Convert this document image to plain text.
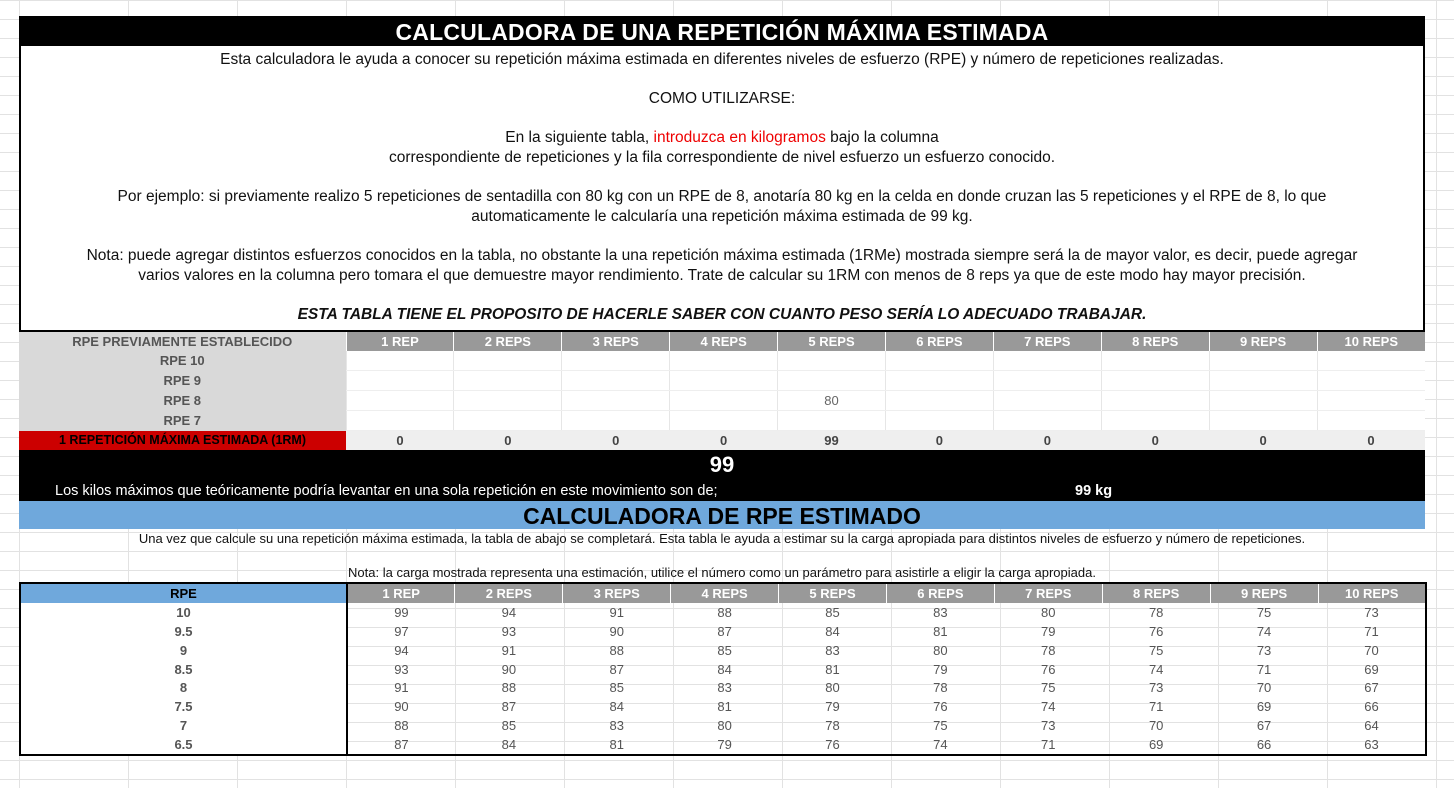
CALCULADORA DE UNA REPETICIÓN MÁXIMA ESTIMADA

Esta calculadora le ayuda a conocer su repetición máxima estimada en diferentes niveles de esfuerzo (RPE) y número de repeticiones realizadas.

COMO UTILIZARSE:

En la siguiente tabla, introduzca en kilogramos bajo la columna

correspondiente de repeticiones y la fila correspondiente de nivel esfuerzo un esfuerzo conocido.

Por ejemplo: si previamente realizo 5 repeticiones de sentadilla con 80 kg con un RPE de 8, anotaría 80 kg en la celda en donde cruzan las 5 repeticiones y el RPE de 8, lo que

automaticamente le calcularía una repetición máxima estimada de 99 kg.

Nota: puede agregar distintos esfuerzos conocidos en la tabla, no obstante la una repetición máxima estimada (1RMe) mostrada siempre será la de mayor valor, es decir, puede agregar

varios valores en la columna pero tomara el que demuestre mayor rendimiento. Trate de calcular su 1RM con menos de 8 reps ya que de este modo hay mayor precisión.

ESTA TABLA TIENE EL PROPOSITO DE HACERLE SABER CON CUANTO PESO SERÍA LO ADECUADO TRABAJAR.

RPE PREVIAMENTE ESTABLECIDO	1 REP	2 REPS	3 REPS	4 REPS	5 REPS	6 REPS	7 REPS	8 REPS	9 REPS	10 REPS
RPE 10										
RPE 9										
RPE 8					80					
RPE 7										
1 REPETICIÓN MÁXIMA ESTIMADA (1RM)	0	0	0	0	99	0	0	0	0	0
99
Los kilos máximos que teóricamente podría levantar en una sola repetición en este movimiento son de;	99 kg
CALCULADORA DE RPE ESTIMADO
Una vez que calcule su una repetición máxima estimada, la tabla de abajo se completará. Esta tabla le ayuda a estimar su la carga apropiada para distintos niveles de esfuerzo y número de repeticiones.
Nota: la carga mostrada representa una estimación, utilice el número como un parámetro para asistirle a eligir la carga apropiada.
RPE	1 REP	2 REPS	3 REPS	4 REPS	5 REPS	6 REPS	7 REPS	8 REPS	9 REPS	10 REPS
10	99	94	91	88	85	83	80	78	75	73
9.5	97	93	90	87	84	81	79	76	74	71
9	94	91	88	85	83	80	78	75	73	70
8.5	93	90	87	84	81	79	76	74	71	69
8	91	88	85	83	80	78	75	73	70	67
7.5	90	87	84	81	79	76	74	71	69	66
7	88	85	83	80	78	75	73	70	67	64
6.5	87	84	81	79	76	74	71	69	66	63
